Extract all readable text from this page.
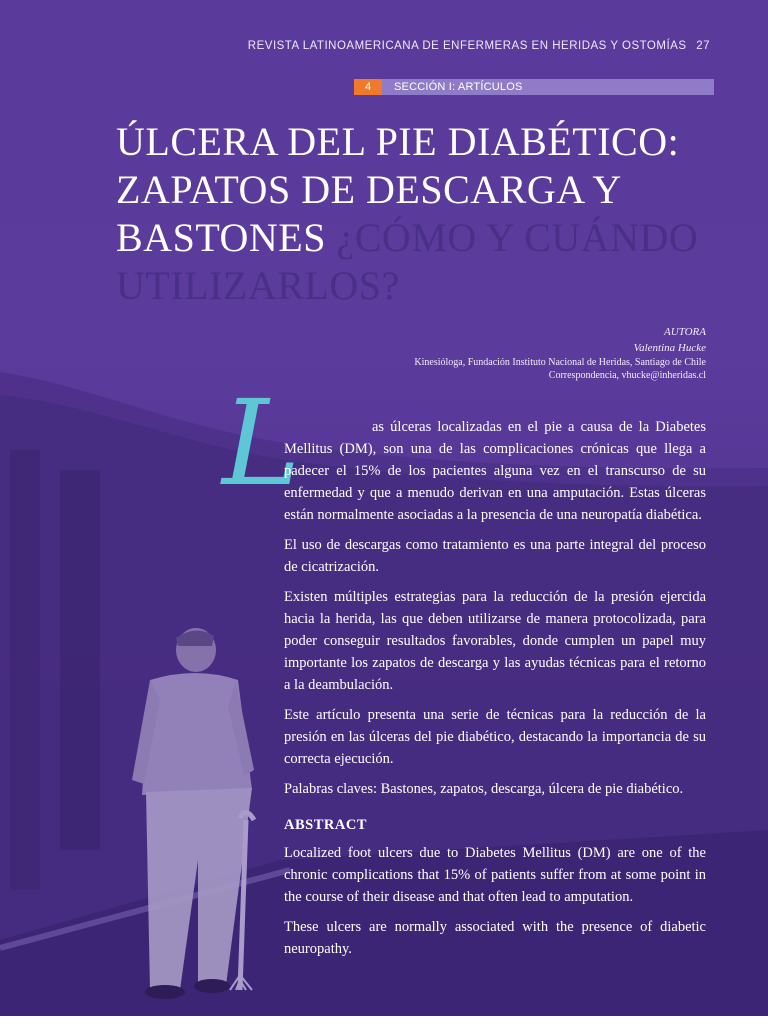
REVISTA LATINOAMERICANA DE ENFERMERAS EN HERIDAS Y OSTOMÍAS 27
4	SECCIÓN I: ARTÍCULOS
ÚLCERA DEL PIE DIABÉTICO: ZAPATOS DE DESCARGA Y BASTONES ¿CÓMO Y CUÁNDO UTILIZARLOS?
AUTORA
Valentina Hucke
Kinesióloga, Fundación Instituto Nacional de Heridas, Santiago de Chile
Correspondencia, vhucke@inheridas.cl
L	as úlceras localizadas en el pie a causa de la Diabetes Mellitus (DM), son una de las complicaciones crónicas que llega a padecer el 15% de los pacientes alguna vez en el transcurso de su enfermedad y que a menudo derivan en una amputación. Estas úlceras están normalmente asociadas a la presencia de una neuropatía diabética.

El uso de descargas como tratamiento es una parte integral del proceso de cicatrización.

Existen múltiples estrategias para la reducción de la presión ejercida hacia la herida, las que deben utilizarse de manera protocolizada, para poder conseguir resultados favorables, donde cumplen un papel muy importante los zapatos de descarga y las ayudas técnicas para el retorno a la deambulación.

Este artículo presenta una serie de técnicas para la reducción de la presión en las úlceras del pie diabético, destacando la importancia de su correcta ejecución.

Palabras claves: Bastones, zapatos, descarga, úlcera de pie diabético.

ABSTRACT

Localized foot ulcers due to Diabetes Mellitus (DM) are one of the chronic complications that 15% of patients suffer from at some point in the course of their disease and that often lead to amputation.

These ulcers are normally associated with the presence of diabetic neuropathy.
